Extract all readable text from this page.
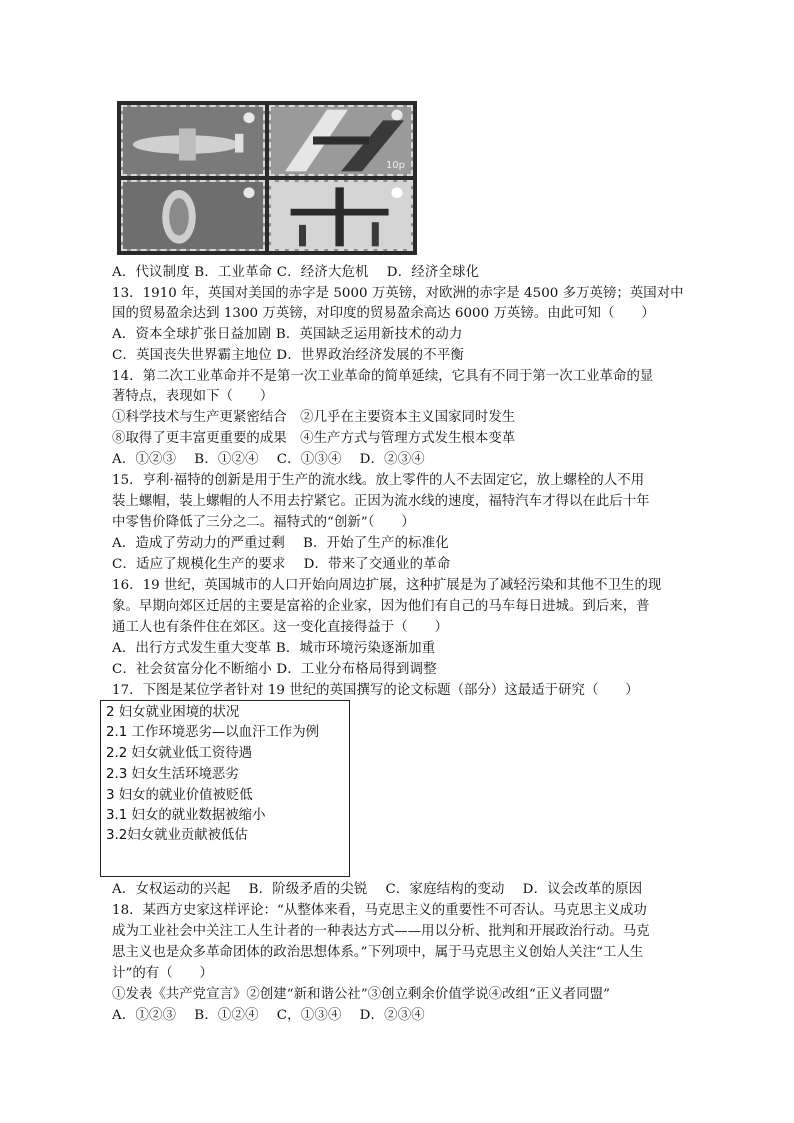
10p
A．代议制度 B．工业革命 C．经济大危机　 D．经济全球化
13．1910 年，英国对美国的赤字是 5000 万英镑，对欧洲的赤字是 4500 多万英镑；英国对中
国的贸易盈余达到 1300 万英镑，对印度的贸易盈余高达 6000 万英镑。由此可知（　　）
A．资本全球扩张日益加剧 B．英国缺乏运用新技术的动力
C．英国丧失世界霸主地位 D．世界政治经济发展的不平衡
14．第二次工业革命并不是第一次工业革命的简单延续，它具有不同于第一次工业革命的显
著特点，表现如下（　　）
①科学技术与生产更紧密结合　②几乎在主要资本主义国家同时发生
⑧取得了更丰富更重要的成果　④生产方式与管理方式发生根本变革
A．①②③　 B．①②④　 C．①③④　 D．②③④
15．亨利·福特的创新是用于生产的流水线。放上零件的人不去固定它，放上螺栓的人不用
装上螺帽，装上螺帽的人不用去拧紧它。正因为流水线的速度，福特汽车才得以在此后十年
中零售价降低了三分之二。福特式的“创新”（　　）
A．造成了劳动力的严重过剩　 B．开始了生产的标准化
C．适应了规模化生产的要求　 D．带来了交通业的革命
16．19 世纪，英国城市的人口开始向周边扩展，这种扩展是为了减轻污染和其他不卫生的现
象。早期向郊区迁居的主要是富裕的企业家，因为他们有自己的马车每日进城。到后来，普
通工人也有条件住在郊区。这一变化直接得益于（　　）
A．出行方式发生重大变革 B．城市环境污染逐渐加重
C．社会贫富分化不断缩小 D．工业分布格局得到调整
17．下图是某位学者针对 19 世纪的英国撰写的论文标题（部分）这最适于研究（　　）
2 妇女就业困境的状况
2.1 工作环境恶劣—以血汗工作为例
2.2 妇女就业低工资待遇
2.3 妇女生活环境恶劣
3 妇女的就业价值被贬低
3.1 妇女的就业数据被缩小
3.2妇女就业贡献被低估
A．女权运动的兴起　 B．阶级矛盾的尖锐　 C．家庭结构的变动　 D．议会改革的原因
18．某西方史家这样评论：“从整体来看，马克思主义的重要性不可否认。马克思主义成功
成为工业社会中关注工人生计者的一种表达方式——用以分析、批判和开展政治行动。马克
思主义也是众多革命团体的政治思想体系。”下列项中，属于马克思主义创始人关注“工人生
计”的有（　　）
①发表《共产党宣言》②创建“新和谐公社”③创立剩余价值学说④改组“正义者同盟”
A．①②③　 B．①②④　 C，①③④　 D．②③④
